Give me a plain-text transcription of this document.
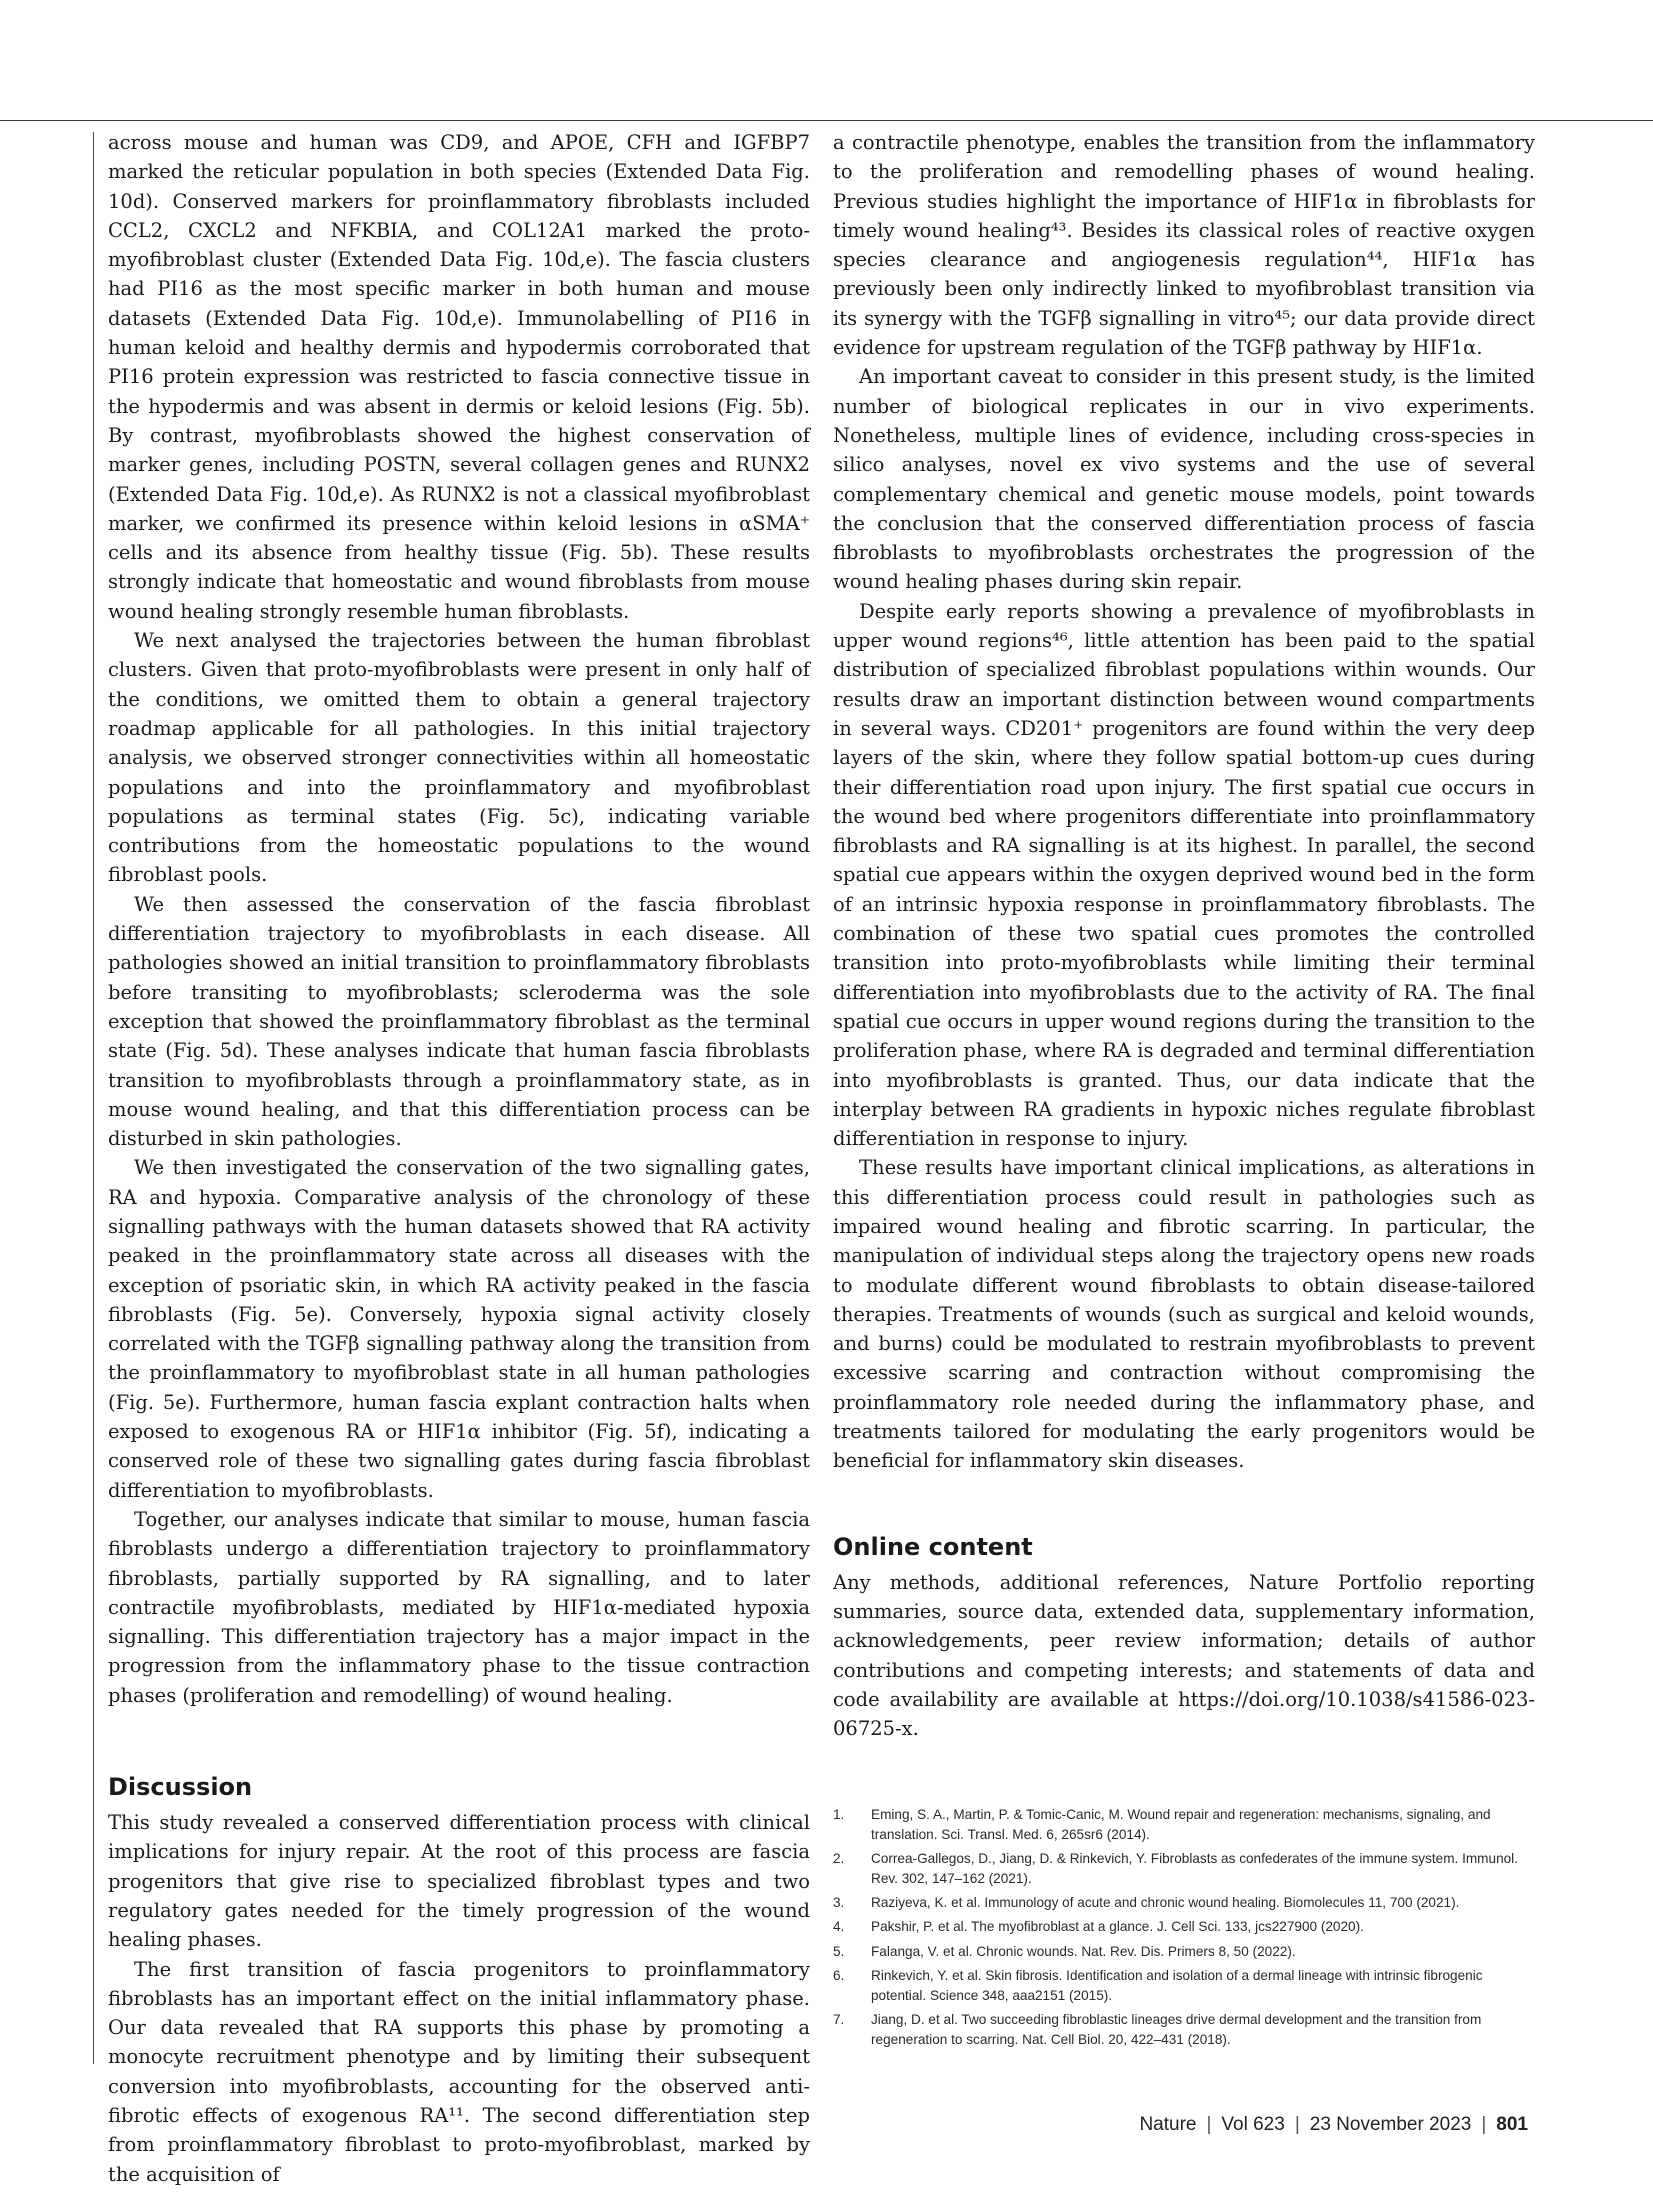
across mouse and human was CD9, and APOE, CFH and IGFBP7 marked the reticular population in both species (Extended Data Fig. 10d). Conserved markers for proinflammatory fibroblasts included CCL2, CXCL2 and NFKBIA, and COL12A1 marked the proto-myofibroblast cluster (Extended Data Fig. 10d,e). The fascia clusters had PI16 as the most specific marker in both human and mouse datasets (Extended Data Fig. 10d,e). Immunolabelling of PI16 in human keloid and healthy dermis and hypodermis corroborated that PI16 protein expression was restricted to fascia connective tissue in the hypodermis and was absent in dermis or keloid lesions (Fig. 5b). By contrast, myofibroblasts showed the highest conservation of marker genes, including POSTN, several collagen genes and RUNX2 (Extended Data Fig. 10d,e). As RUNX2 is not a classical myofibroblast marker, we confirmed its presence within keloid lesions in αSMA⁺ cells and its absence from healthy tissue (Fig. 5b). These results strongly indicate that homeostatic and wound fibroblasts from mouse wound healing strongly resemble human fibroblasts.

We next analysed the trajectories between the human fibroblast clusters. Given that proto-myofibroblasts were present in only half of the conditions, we omitted them to obtain a general trajectory roadmap applicable for all pathologies. In this initial trajectory analysis, we observed stronger connectivities within all homeostatic populations and into the proinflammatory and myofibroblast populations as terminal states (Fig. 5c), indicating variable contributions from the homeostatic populations to the wound fibroblast pools.

We then assessed the conservation of the fascia fibroblast differentiation trajectory to myofibroblasts in each disease. All pathologies showed an initial transition to proinflammatory fibroblasts before transiting to myofibroblasts; scleroderma was the sole exception that showed the proinflammatory fibroblast as the terminal state (Fig. 5d). These analyses indicate that human fascia fibroblasts transition to myofibroblasts through a proinflammatory state, as in mouse wound healing, and that this differentiation process can be disturbed in skin pathologies.

We then investigated the conservation of the two signalling gates, RA and hypoxia. Comparative analysis of the chronology of these signalling pathways with the human datasets showed that RA activity peaked in the proinflammatory state across all diseases with the exception of psoriatic skin, in which RA activity peaked in the fascia fibroblasts (Fig. 5e). Conversely, hypoxia signal activity closely correlated with the TGFβ signalling pathway along the transition from the proinflammatory to myofibroblast state in all human pathologies (Fig. 5e). Furthermore, human fascia explant contraction halts when exposed to exogenous RA or HIF1α inhibitor (Fig. 5f), indicating a conserved role of these two signalling gates during fascia fibroblast differentiation to myofibroblasts.

Together, our analyses indicate that similar to mouse, human fascia fibroblasts undergo a differentiation trajectory to proinflammatory fibroblasts, partially supported by RA signalling, and to later contractile myofibroblasts, mediated by HIF1α-mediated hypoxia signalling. This differentiation trajectory has a major impact in the progression from the inflammatory phase to the tissue contraction phases (proliferation and remodelling) of wound healing.

Discussion

This study revealed a conserved differentiation process with clinical implications for injury repair. At the root of this process are fascia progenitors that give rise to specialized fibroblast types and two regulatory gates needed for the timely progression of the wound healing phases.

The first transition of fascia progenitors to proinflammatory fibroblasts has an important effect on the initial inflammatory phase. Our data revealed that RA supports this phase by promoting a monocyte recruitment phenotype and by limiting their subsequent conversion into myofibroblasts, accounting for the observed anti-fibrotic effects of exogenous RA¹¹. The second differentiation step from proinflammatory fibroblast to proto-myofibroblast, marked by the acquisition of

a contractile phenotype, enables the transition from the inflammatory to the proliferation and remodelling phases of wound healing. Previous studies highlight the importance of HIF1α in fibroblasts for timely wound healing⁴³. Besides its classical roles of reactive oxygen species clearance and angiogenesis regulation⁴⁴, HIF1α has previously been only indirectly linked to myofibroblast transition via its synergy with the TGFβ signalling in vitro⁴⁵; our data provide direct evidence for upstream regulation of the TGFβ pathway by HIF1α.

An important caveat to consider in this present study, is the limited number of biological replicates in our in vivo experiments. Nonetheless, multiple lines of evidence, including cross-species in silico analyses, novel ex vivo systems and the use of several complementary chemical and genetic mouse models, point towards the conclusion that the conserved differentiation process of fascia fibroblasts to myofibroblasts orchestrates the progression of the wound healing phases during skin repair.

Despite early reports showing a prevalence of myofibroblasts in upper wound regions⁴⁶, little attention has been paid to the spatial distribution of specialized fibroblast populations within wounds. Our results draw an important distinction between wound compartments in several ways. CD201⁺ progenitors are found within the very deep layers of the skin, where they follow spatial bottom-up cues during their differentiation road upon injury. The first spatial cue occurs in the wound bed where progenitors differentiate into proinflammatory fibroblasts and RA signalling is at its highest. In parallel, the second spatial cue appears within the oxygen deprived wound bed in the form of an intrinsic hypoxia response in proinflammatory fibroblasts. The combination of these two spatial cues promotes the controlled transition into proto-myofibroblasts while limiting their terminal differentiation into myofibroblasts due to the activity of RA. The final spatial cue occurs in upper wound regions during the transition to the proliferation phase, where RA is degraded and terminal differentiation into myofibroblasts is granted. Thus, our data indicate that the interplay between RA gradients in hypoxic niches regulate fibroblast differentiation in response to injury.

These results have important clinical implications, as alterations in this differentiation process could result in pathologies such as impaired wound healing and fibrotic scarring. In particular, the manipulation of individual steps along the trajectory opens new roads to modulate different wound fibroblasts to obtain disease-tailored therapies. Treatments of wounds (such as surgical and keloid wounds, and burns) could be modulated to restrain myofibroblasts to prevent excessive scarring and contraction without compromising the proinflammatory role needed during the inflammatory phase, and treatments tailored for modulating the early progenitors would be beneficial for inflammatory skin diseases.

Online content

Any methods, additional references, Nature Portfolio reporting summaries, source data, extended data, supplementary information, acknowledgements, peer review information; details of author contributions and competing interests; and statements of data and code availability are available at https://doi.org/10.1038/s41586-023-06725-x.

1.	Eming, S. A., Martin, P. & Tomic-Canic, M. Wound repair and regeneration: mechanisms, signaling, and translation. Sci. Transl. Med. 6, 265sr6 (2014).
2.	Correa-Gallegos, D., Jiang, D. & Rinkevich, Y. Fibroblasts as confederates of the immune system. Immunol. Rev. 302, 147–162 (2021).
3.	Raziyeva, K. et al. Immunology of acute and chronic wound healing. Biomolecules 11, 700 (2021).
4.	Pakshir, P. et al. The myofibroblast at a glance. J. Cell Sci. 133, jcs227900 (2020).
5.	Falanga, V. et al. Chronic wounds. Nat. Rev. Dis. Primers 8, 50 (2022).
6.	Rinkevich, Y. et al. Skin fibrosis. Identification and isolation of a dermal lineage with intrinsic fibrogenic potential. Science 348, aaa2151 (2015).
7.	Jiang, D. et al. Two succeeding fibroblastic lineages drive dermal development and the transition from regeneration to scarring. Nat. Cell Biol. 20, 422–431 (2018).
Nature | Vol 623 | 23 November 2023 | 801
